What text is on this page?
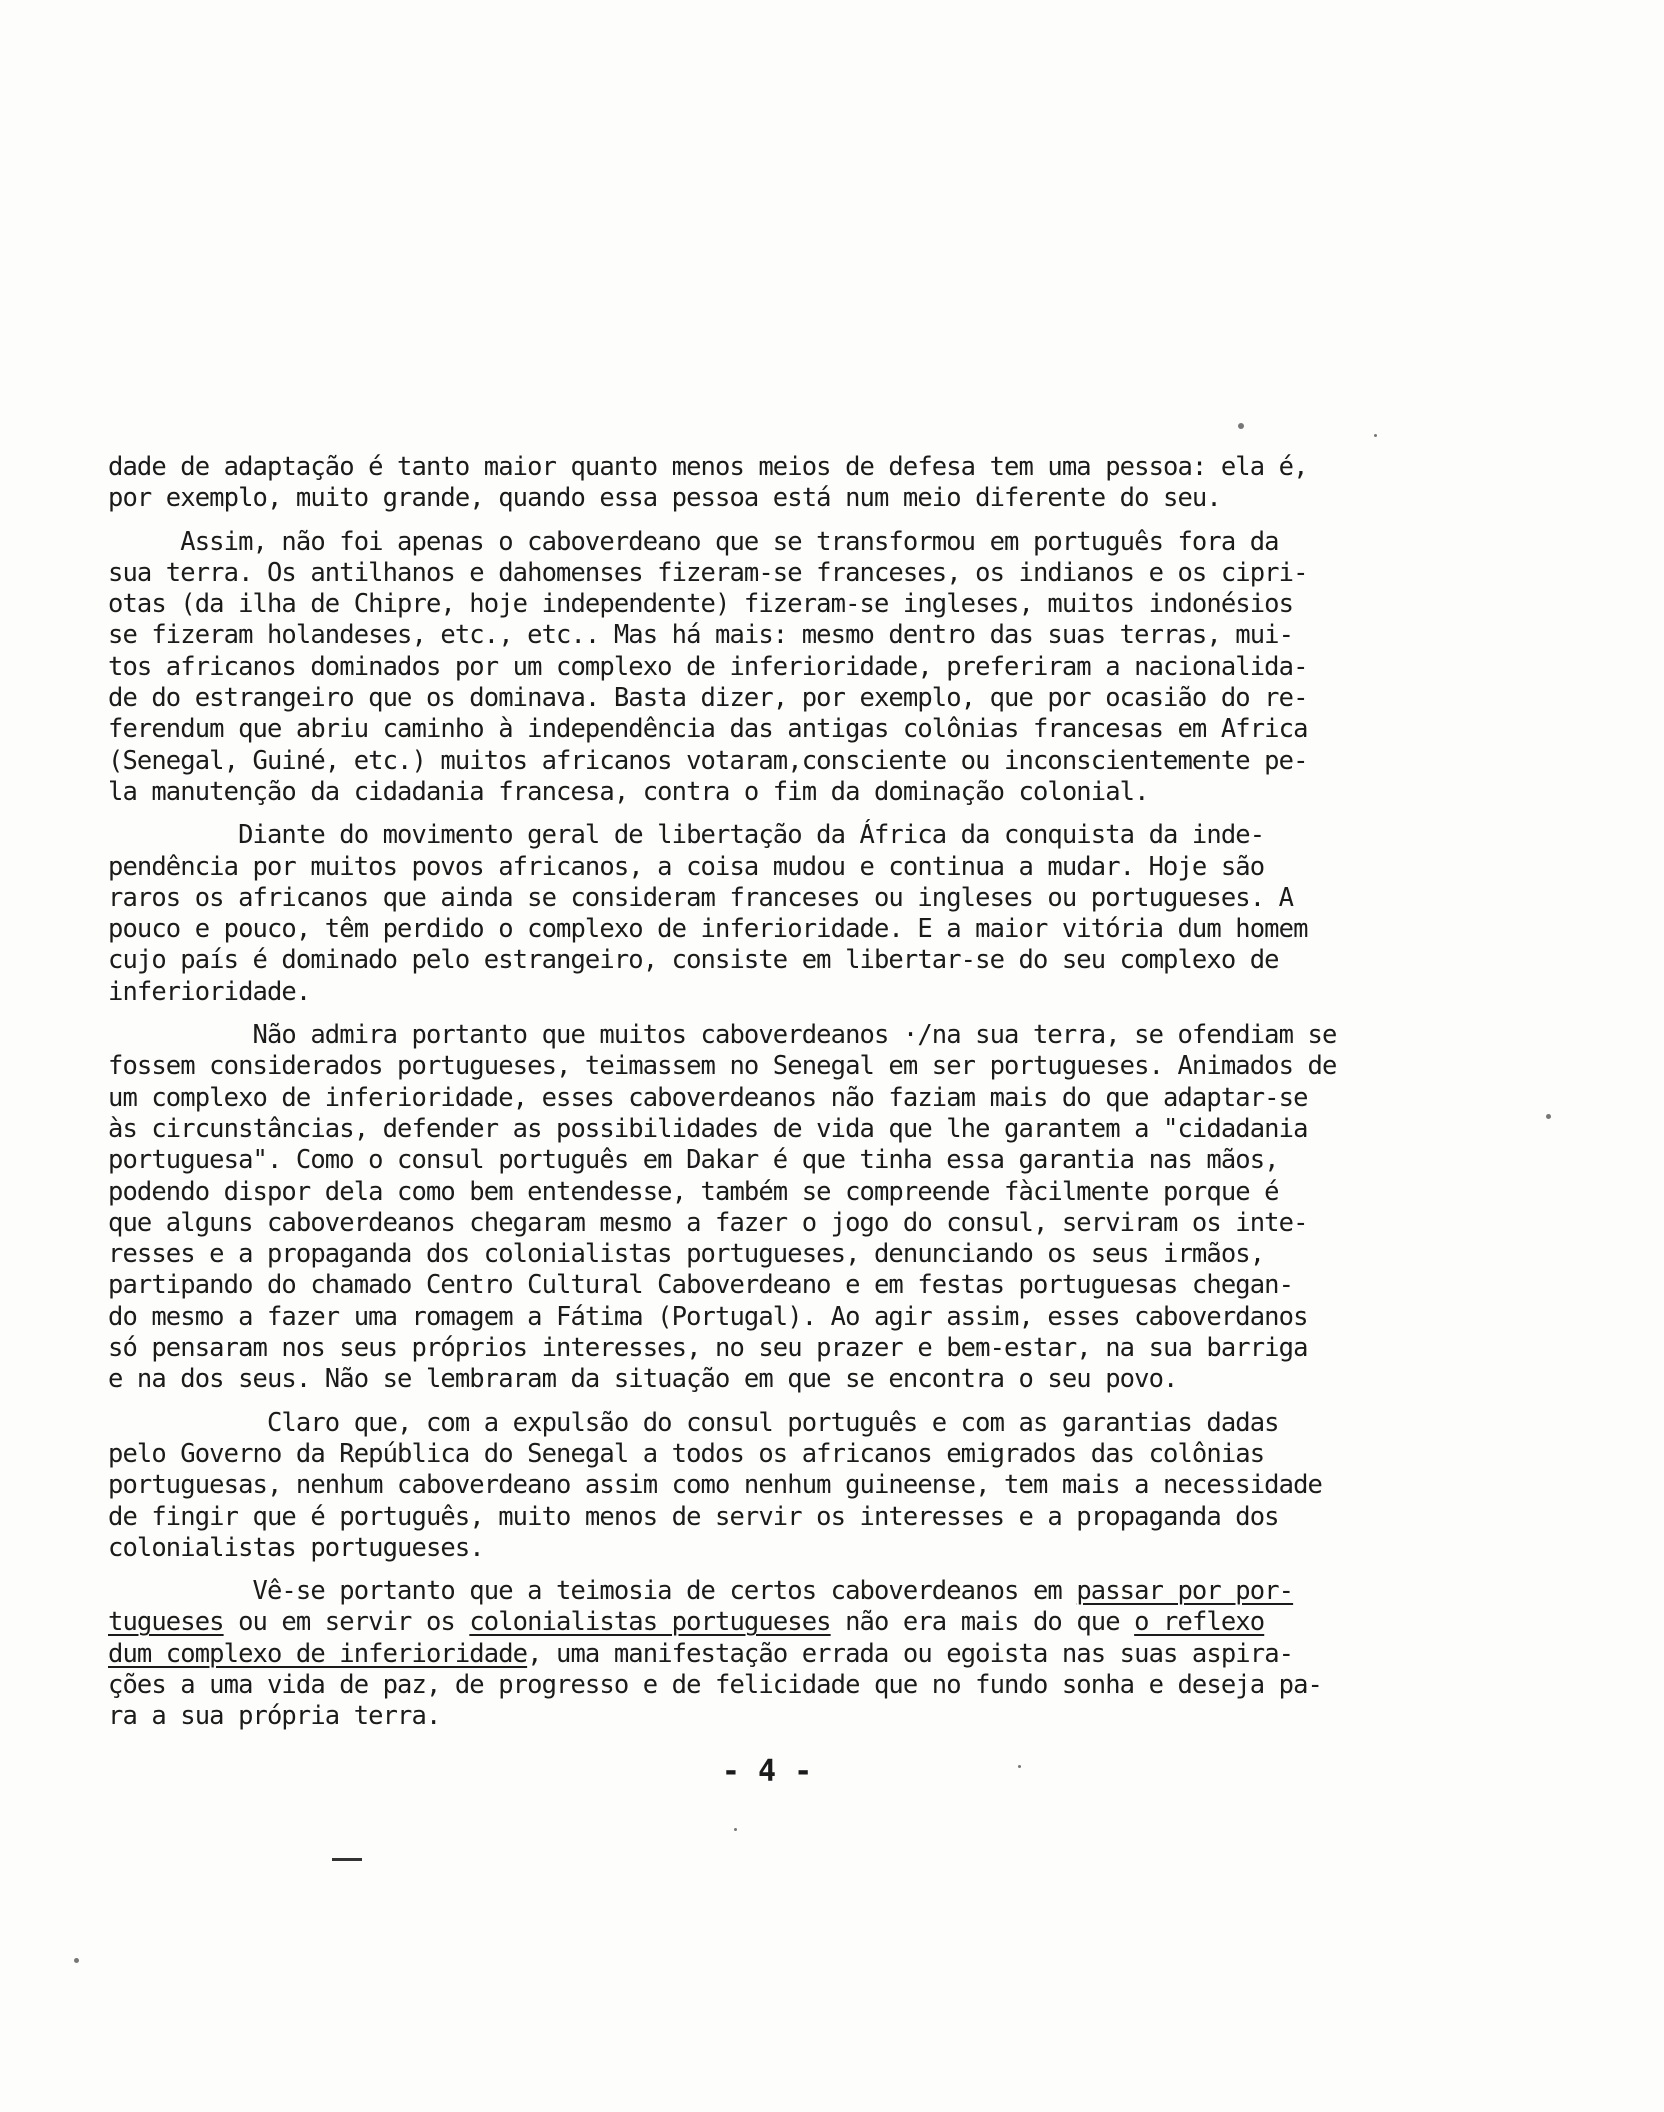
dade de adaptação é tanto maior quanto menos meios de defesa tem uma pessoa: ela é,
por exemplo, muito grande, quando essa pessoa está num meio diferente do seu.
Assim, não foi apenas o caboverdeano que se transformou em português fora da
sua terra. Os antilhanos e dahomenses fizeram-se franceses, os indianos e os cipri-
otas (da ilha de Chipre, hoje independente) fizeram-se ingleses, muitos indonésios
se fizeram holandeses, etc., etc.. Mas há mais: mesmo dentro das suas terras, mui-
tos africanos dominados por um complexo de inferioridade, preferiram a nacionalida-
de do estrangeiro que os dominava. Basta dizer, por exemplo, que por ocasião do re-
ferendum que abriu caminho à independência das antigas colônias francesas em Africa
(Senegal, Guiné, etc.) muitos africanos votaram,consciente ou inconscientemente pe-
la manutenção da cidadania francesa, contra o fim da dominação colonial.
Diante do movimento geral de libertação da África da conquista da inde-
pendência por muitos povos africanos, a coisa mudou e continua a mudar. Hoje são
raros os africanos que ainda se consideram franceses ou ingleses ou portugueses. A
pouco e pouco, têm perdido o complexo de inferioridade. E a maior vitória dum homem
cujo país é dominado pelo estrangeiro, consiste em libertar-se do seu complexo de
inferioridade.
Não admira portanto que muitos caboverdeanos ·/na sua terra, se ofendiam se
fossem considerados portugueses, teimassem no Senegal em ser portugueses. Animados de
um complexo de inferioridade, esses caboverdeanos não faziam mais do que adaptar-se
às circunstâncias, defender as possibilidades de vida que lhe garantem a "cidadania
portuguesa". Como o consul português em Dakar é que tinha essa garantia nas mãos,
podendo dispor dela como bem entendesse, também se compreende fàcilmente porque é
que alguns caboverdeanos chegaram mesmo a fazer o jogo do consul, serviram os inte-
resses e a propaganda dos colonialistas portugueses, denunciando os seus irmãos,
partipando do chamado Centro Cultural Caboverdeano e em festas portuguesas chegan-
do mesmo a fazer uma romagem a Fátima (Portugal). Ao agir assim, esses caboverdanos
só pensaram nos seus próprios interesses, no seu prazer e bem-estar, na sua barriga
e na dos seus. Não se lembraram da situação em que se encontra o seu povo.
Claro que, com a expulsão do consul português e com as garantias dadas
pelo Governo da República do Senegal a todos os africanos emigrados das colônias
portuguesas, nenhum caboverdeano assim como nenhum guineense, tem mais a necessidade
de fingir que é português, muito menos de servir os interesses e a propaganda dos
colonialistas portugueses.
Vê-se portanto que a teimosia de certos caboverdeanos em passar por por-
tugueses ou em servir os colonialistas portugueses não era mais do que o reflexo
dum complexo de inferioridade, uma manifestação errada ou egoista nas suas aspira-
ções a uma vida de paz, de progresso e de felicidade que no fundo sonha e deseja pa-
ra a sua própria terra.
- 4 -
